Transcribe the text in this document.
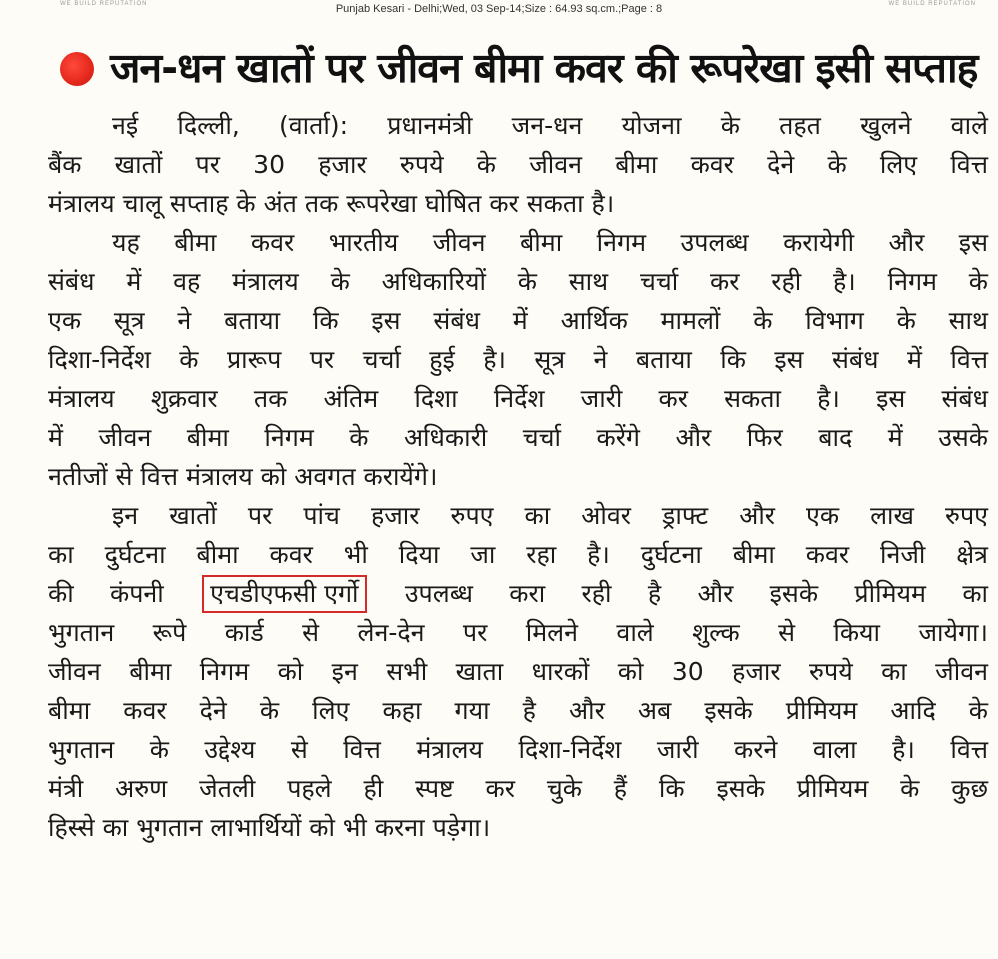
Punjab Kesari - Delhi;Wed, 03 Sep-14;Size : 64.93 sq.cm.;Page : 8
WE BUILD REPUTATION	WE BUILD REPUTATION
जन-धन खातों पर जीवन बीमा कवर की रूपरेखा इसी सप्ताह
नई दिल्ली, (वार्ता): प्रधानमंत्री जन-धन योजना के तहत खुलने वाले
बैंक खातों पर 30 हजार रुपये के जीवन बीमा कवर देने के लिए वित्त
मंत्रालय चालू सप्ताह के अंत तक रूपरेखा घोषित कर सकता है।
यह बीमा कवर भारतीय जीवन बीमा निगम उपलब्ध करायेगी और इस
संबंध में वह मंत्रालय के अधिकारियों के साथ चर्चा कर रही है। निगम के
एक सूत्र ने बताया कि इस संबंध में आर्थिक मामलों के विभाग के साथ
दिशा-निर्देश के प्रारूप पर चर्चा हुई है। सूत्र ने बताया कि इस संबंध में वित्त
मंत्रालय शुक्रवार तक अंतिम दिशा निर्देश जारी कर सकता है। इस संबंध
में जीवन बीमा निगम के अधिकारी चर्चा करेंगे और फिर बाद में उसके
नतीजों से वित्त मंत्रालय को अवगत करायेंगे।
इन खातों पर पांच हजार रुपए का ओवर ड्राफ्ट और एक लाख रुपए
का दुर्घटना बीमा कवर भी दिया जा रहा है। दुर्घटना बीमा कवर निजी क्षेत्र
की कंपनी एचडीएफसी एर्गो उपलब्ध करा रही है और इसके प्रीमियम का
भुगतान रूपे कार्ड से लेन-देन पर मिलने वाले शुल्क से किया जायेगा।
जीवन बीमा निगम को इन सभी खाता धारकों को 30 हजार रुपये का जीवन
बीमा कवर देने के लिए कहा गया है और अब इसके प्रीमियम आदि के
भुगतान के उद्देश्य से वित्त मंत्रालय दिशा-निर्देश जारी करने वाला है। वित्त
मंत्री अरुण जेतली पहले ही स्पष्ट कर चुके हैं कि इसके प्रीमियम के कुछ
हिस्से का भुगतान लाभार्थियों को भी करना पड़ेगा।
